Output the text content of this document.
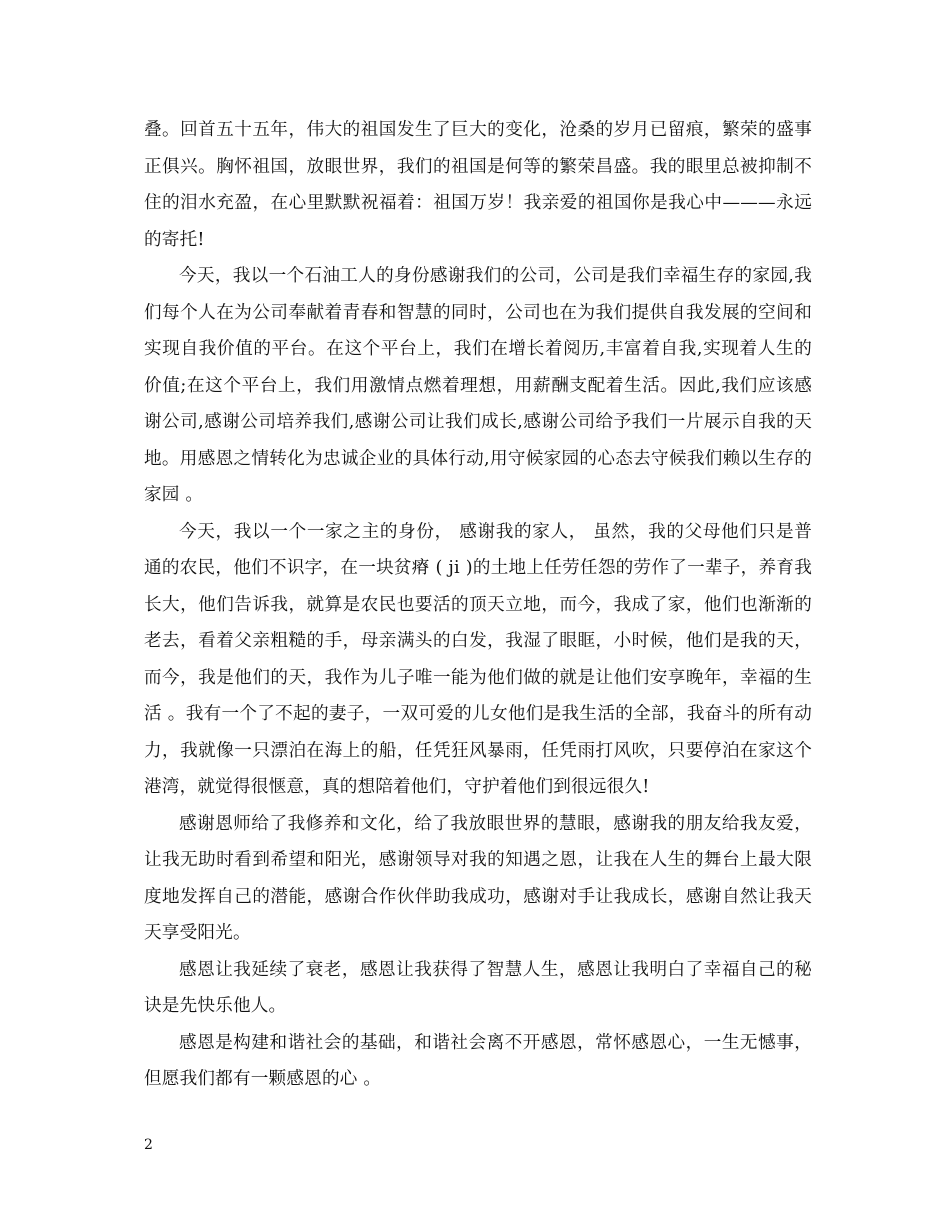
叠。回首五十五年，伟大的祖国发生了巨大的变化，沧桑的岁月已留痕，繁荣的盛事正俱兴。胸怀祖国，放眼世界，我们的祖国是何等的繁荣昌盛。我的眼里总被抑制不住的泪水充盈，在心里默默祝福着：祖国万岁！我亲爱的祖国你是我心中———永远的寄托!

今天，我以一个石油工人的身份感谢我们的公司，公司是我们幸福生存的家园,我们每个人在为公司奉献着青春和智慧的同时，公司也在为我们提供自我发展的空间和实现自我价值的平台。在这个平台上，我们在增长着阅历,丰富着自我,实现着人生的价值;在这个平台上，我们用激情点燃着理想，用薪酬支配着生活。因此,我们应该感谢公司,感谢公司培养我们,感谢公司让我们成长,感谢公司给予我们一片展示自我的天地。用感恩之情转化为忠诚企业的具体行动,用守候家园的心态去守候我们赖以生存的家园 。

今天，我以一个一家之主的身份， 感谢我的家人， 虽然，我的父母他们只是普通的农民，他们不识字，在一块贫瘠 ( ji )的土地上任劳任怨的劳作了一辈子，养育我长大，他们告诉我，就算是农民也要活的顶天立地，而今，我成了家，他们也渐渐的老去，看着父亲粗糙的手，母亲满头的白发，我湿了眼眶，小时候，他们是我的天，而今，我是他们的天，我作为儿子唯一能为他们做的就是让他们安享晚年，幸福的生活 。我有一个了不起的妻子，一双可爱的儿女他们是我生活的全部，我奋斗的所有动力，我就像一只漂泊在海上的船，任凭狂风暴雨，任凭雨打风吹，只要停泊在家这个港湾，就觉得很惬意，真的想陪着他们，守护着他们到很远很久!

感谢恩师给了我修养和文化，给了我放眼世界的慧眼，感谢我的朋友给我友爱，让我无助时看到希望和阳光，感谢领导对我的知遇之恩，让我在人生的舞台上最大限度地发挥自己的潜能，感谢合作伙伴助我成功，感谢对手让我成长，感谢自然让我天天享受阳光。

感恩让我延续了衰老，感恩让我获得了智慧人生，感恩让我明白了幸福自己的秘诀是先快乐他人。

感恩是构建和谐社会的基础，和谐社会离不开感恩，常怀感恩心，一生无憾事，但愿我们都有一颗感恩的心 。

2
